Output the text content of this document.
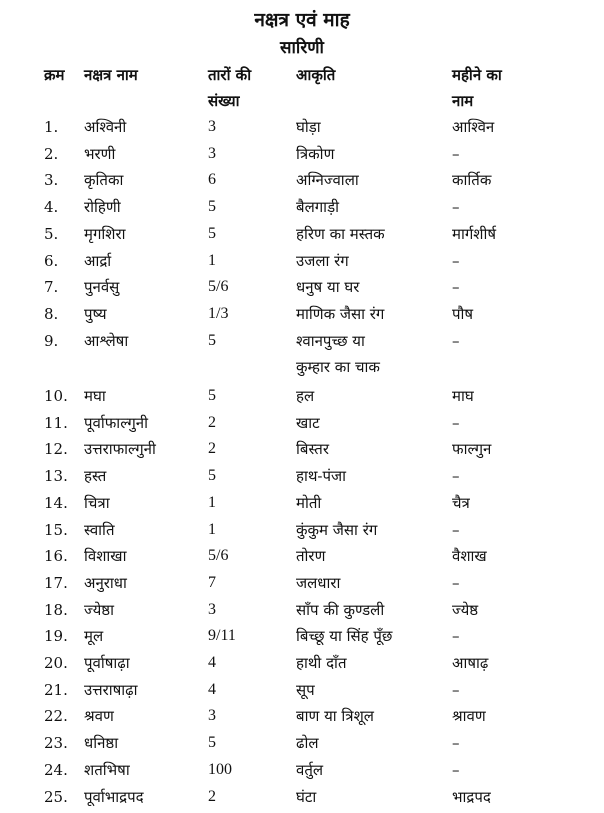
नक्षत्र एवं माह
सारिणी
क्रम नक्षत्र नाम	तारों की
संख्या
आकृति	महीने का
नाम
1. अश्विनी	3	घोड़ा	आश्विन
2. भरणी	3	त्रिकोण	–
3. कृतिका	6	अग्निज्वाला	कार्तिक
4. रोहिणी	5	बैलगाड़ी	–
5. मृगशिरा	5	हरिण का मस्तक	मार्गशीर्ष
6. आर्द्रा	1	उजला रंग	–
7. पुनर्वसु	5/6	धनुष या घर	–
8. पुष्य	1/3	माणिक जैसा रंग	पौष
9. आश्लेषा	5	श्वानपुच्छ या	–
कुम्हार का चाक
10. मघा	5	हल	माघ
11. पूर्वाफाल्गुनी	2	खाट	–
12. उत्तराफाल्गुनी	2	बिस्तर	फाल्गुन
13. हस्त	5	हाथ-पंजा	–
14. चित्रा	1	मोती	चैत्र
15. स्वाति	1	कुंकुम जैसा रंग	–
16. विशाखा	5/6	तोरण	वैशाख
17. अनुराधा	7	जलधारा	–
18. ज्येष्ठा	3	साँप की कुण्डली	ज्येष्ठ
19. मूल	9/11	बिच्छू या सिंह पूँछ	–
20. पूर्वाषाढ़ा	4	हाथी दाँत	आषाढ़
21. उत्तराषाढ़ा	4	सूप	–
22. श्रवण	3	बाण या त्रिशूल	श्रावण
23. धनिष्ठा	5	ढोल	–
24. शतभिषा	100	वर्तुल	–
25. पूर्वाभाद्रपद	2	घंटा	भाद्रपद
